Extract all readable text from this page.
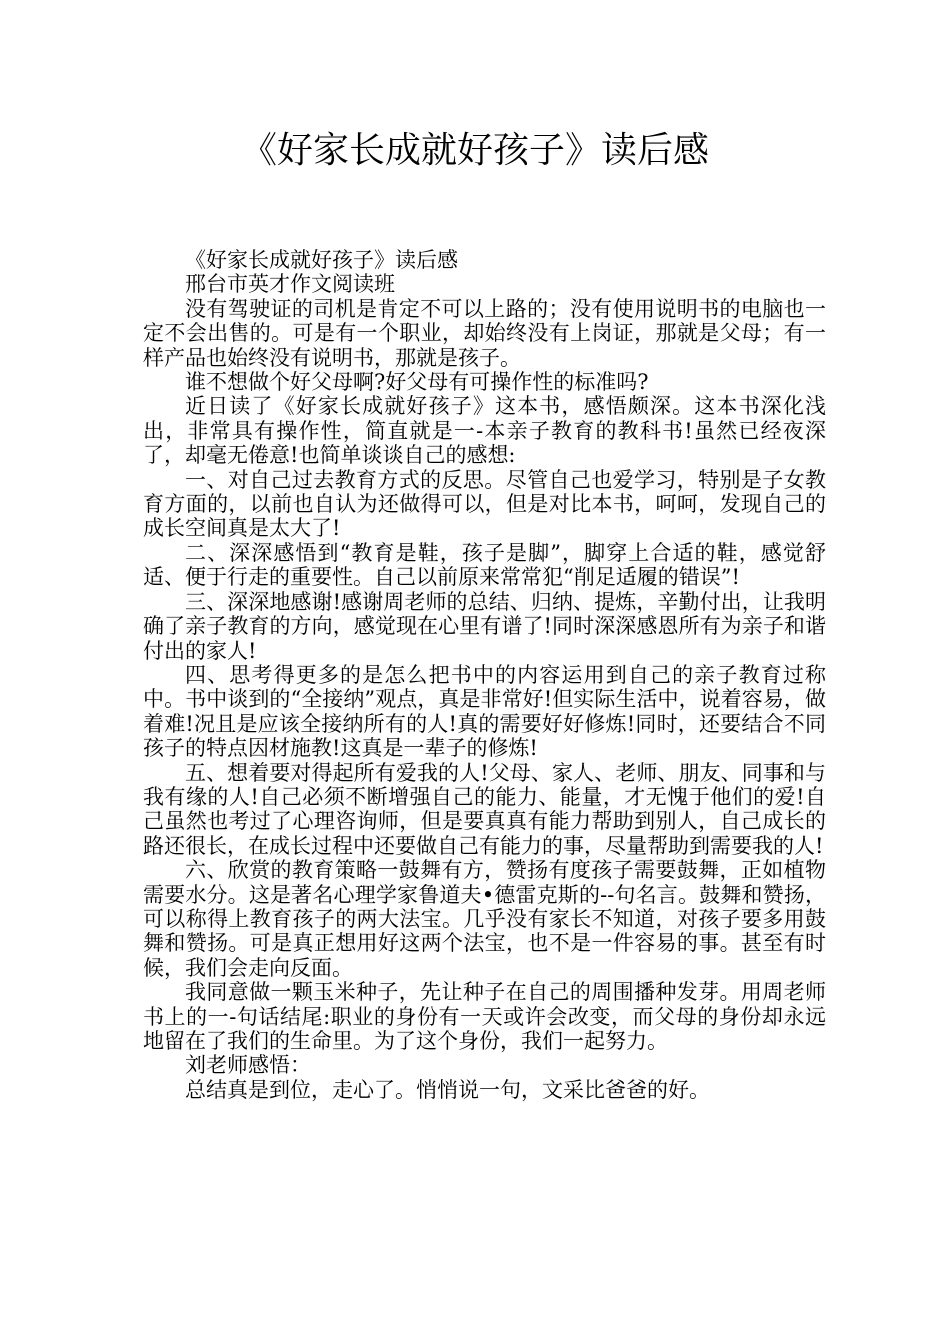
《好家长成就好孩子》读后感

《好家长成就好孩子》读后感

邢台市英才作文阅读班

没有驾驶证的司机是肯定不可以上路的；没有使用说明书的电脑也一定不会出售的。可是有一个职业，却始终没有上岗证，那就是父母；有一样产品也始终没有说明书，那就是孩子。

谁不想做个好父母啊?好父母有可操作性的标准吗?

近日读了《好家长成就好孩子》这本书，感悟颇深。这本书深化浅出，非常具有操作性，简直就是一-本亲子教育的教科书!虽然已经夜深了，却毫无倦意!也简单谈谈自己的感想:

一、对自己过去教育方式的反思。尽管自己也爱学习，特别是子女教育方面的，以前也自认为还做得可以，但是对比本书，呵呵，发现自己的成长空间真是太大了!

二、深深感悟到“教育是鞋，孩子是脚”，脚穿上合适的鞋，感觉舒适、便于行走的重要性。自己以前原来常常犯“削足适履的错误”!

三、深深地感谢!感谢周老师的总结、归纳、提炼，辛勤付出，让我明确了亲子教育的方向，感觉现在心里有谱了!同时深深感恩所有为亲子和谐付出的家人!

四、思考得更多的是怎么把书中的内容运用到自己的亲子教育过称中。书中谈到的“全接纳”观点，真是非常好!但实际生活中，说着容易，做着难!况且是应该全接纳所有的人!真的需要好好修炼!同时，还要结合不同孩子的特点因材施教!这真是一辈子的修炼!

五、想着要对得起所有爱我的人!父母、家人、老师、朋友、同事和与我有缘的人!自己必须不断增强自己的能力、能量，才无愧于他们的爱!自己虽然也考过了心理咨询师，但是要真真有能力帮助到别人，自己成长的路还很长，在成长过程中还要做自己有能力的事，尽量帮助到需要我的人!

六、欣赏的教育策略一鼓舞有方，赞扬有度孩子需要鼓舞，正如植物需要水分。这是著名心理学家鲁道夫•德雷克斯的--句名言。鼓舞和赞扬，可以称得上教育孩子的两大法宝。几乎没有家长不知道，对孩子要多用鼓舞和赞扬。可是真正想用好这两个法宝，也不是一件容易的事。甚至有时候，我们会走向反面。

我同意做一颗玉米种子，先让种子在自己的周围播种发芽。用周老师书上的一-句话结尾:职业的身份有一天或许会改变，而父母的身份却永远地留在了我们的生命里。为了这个身份，我们一起努力。

刘老师感悟：

总结真是到位，走心了。悄悄说一句，文采比爸爸的好。
